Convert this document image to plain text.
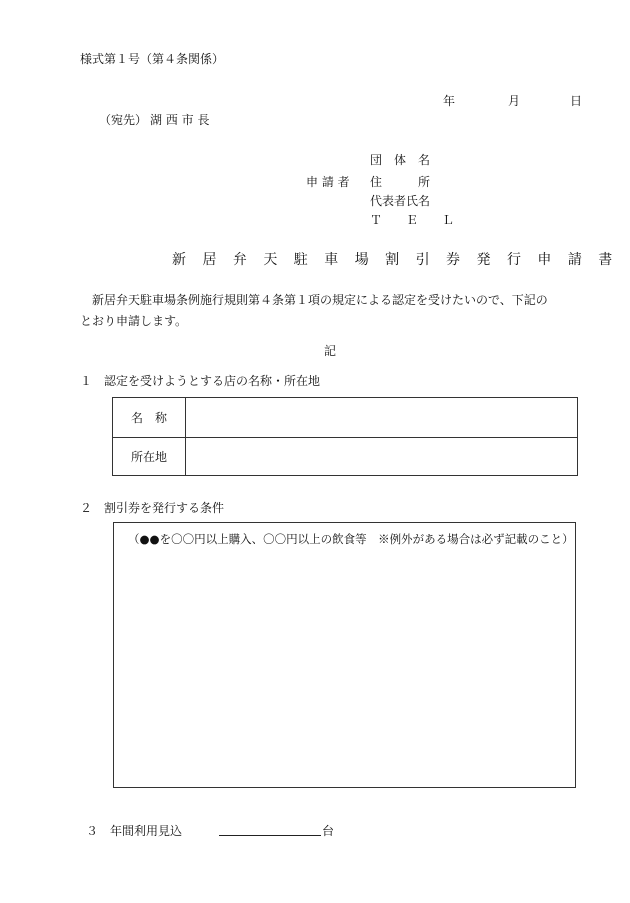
様式第１号（第４条関係）
年	月	日
（宛先） 湖 西 市 長
申 請 者
団　体　名
住　　　所
代表者氏名
Ｔ　　Ｅ　　Ｌ
新 居 弁 天 駐 車 場 割 引 券 発 行 申 請 書
　新居弁天駐車場条例施行規則第４条第１項の規定による認定を受けたいので、下記の
とおり申請します。
記
１　認定を受けようとする店の名称・所在地
名　称	
所在地	
２　割引券を発行する条件
（●●を〇〇円以上購入、〇〇円以上の飲食等　※例外がある場合は必ず記載のこと）
３　年間利用見込	台
